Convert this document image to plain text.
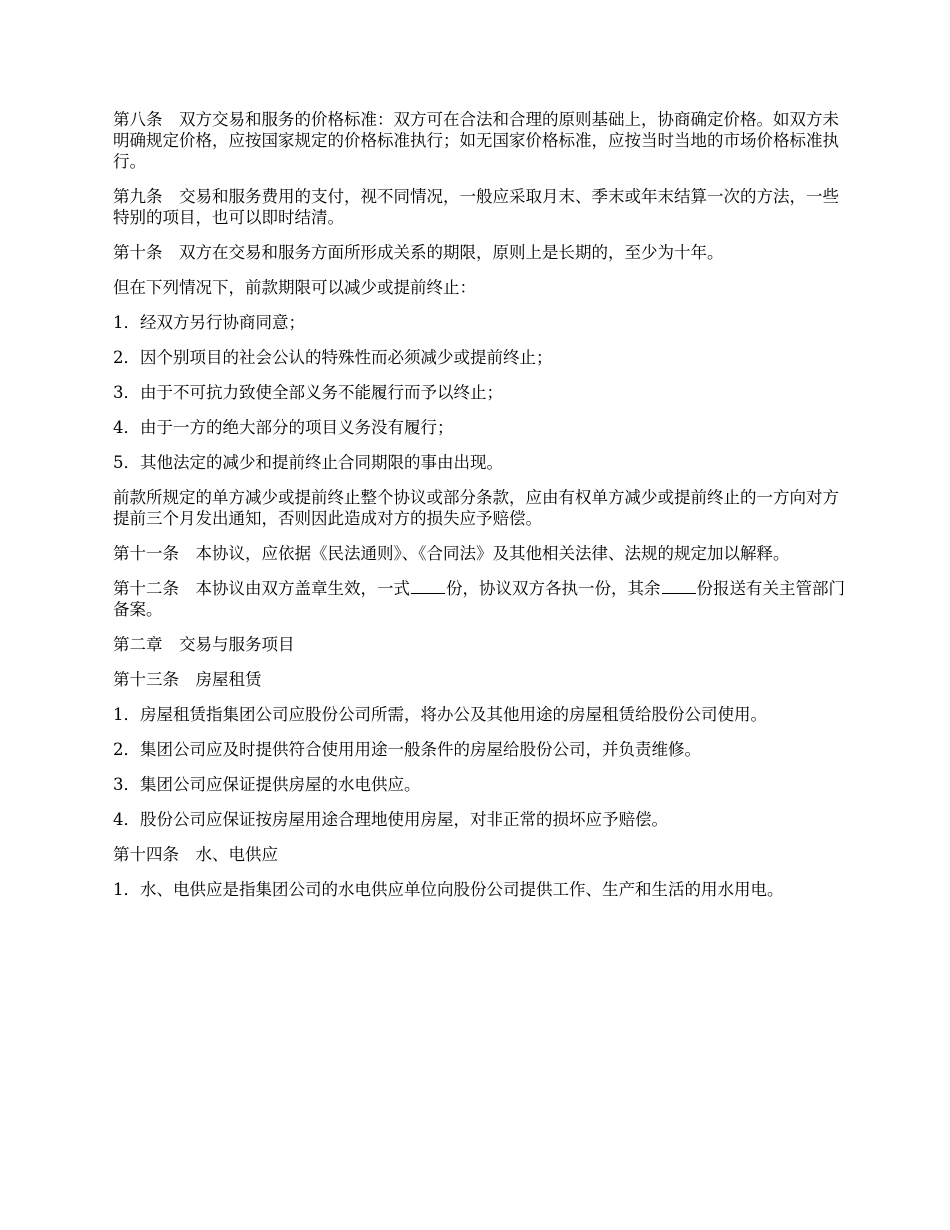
第八条　双方交易和服务的价格标准：双方可在合法和合理的原则基础上，协商确定价格。如双方未明确规定价格，应按国家规定的价格标准执行；如无国家价格标准，应按当时当地的市场价格标准执行。

第九条　交易和服务费用的支付，视不同情况，一般应采取月末、季末或年末结算一次的方法，一些特别的项目，也可以即时结清。

第十条　双方在交易和服务方面所形成关系的期限，原则上是长期的，至少为十年。

但在下列情况下，前款期限可以减少或提前终止：

1．经双方另行协商同意；

2．因个别项目的社会公认的特殊性而必须减少或提前终止；

3．由于不可抗力致使全部义务不能履行而予以终止；

4．由于一方的绝大部分的项目义务没有履行；

5．其他法定的减少和提前终止合同期限的事由出现。

前款所规定的单方减少或提前终止整个协议或部分条款，应由有权单方减少或提前终止的一方向对方提前三个月发出通知，否则因此造成对方的损失应予赔偿。

第十一条　本协议，应依据《民法通则》、《合同法》及其他相关法律、法规的规定加以解释。

第十二条　本协议由双方盖章生效，一式 份，协议双方各执一份，其余 份报送有关主管部门备案。

第二章　交易与服务项目

第十三条　房屋租赁

1．房屋租赁指集团公司应股份公司所需，将办公及其他用途的房屋租赁给股份公司使用。

2．集团公司应及时提供符合使用用途一般条件的房屋给股份公司，并负责维修。

3．集团公司应保证提供房屋的水电供应。

4．股份公司应保证按房屋用途合理地使用房屋，对非正常的损坏应予赔偿。

第十四条　水、电供应

1．水、电供应是指集团公司的水电供应单位向股份公司提供工作、生产和生活的用水用电。
